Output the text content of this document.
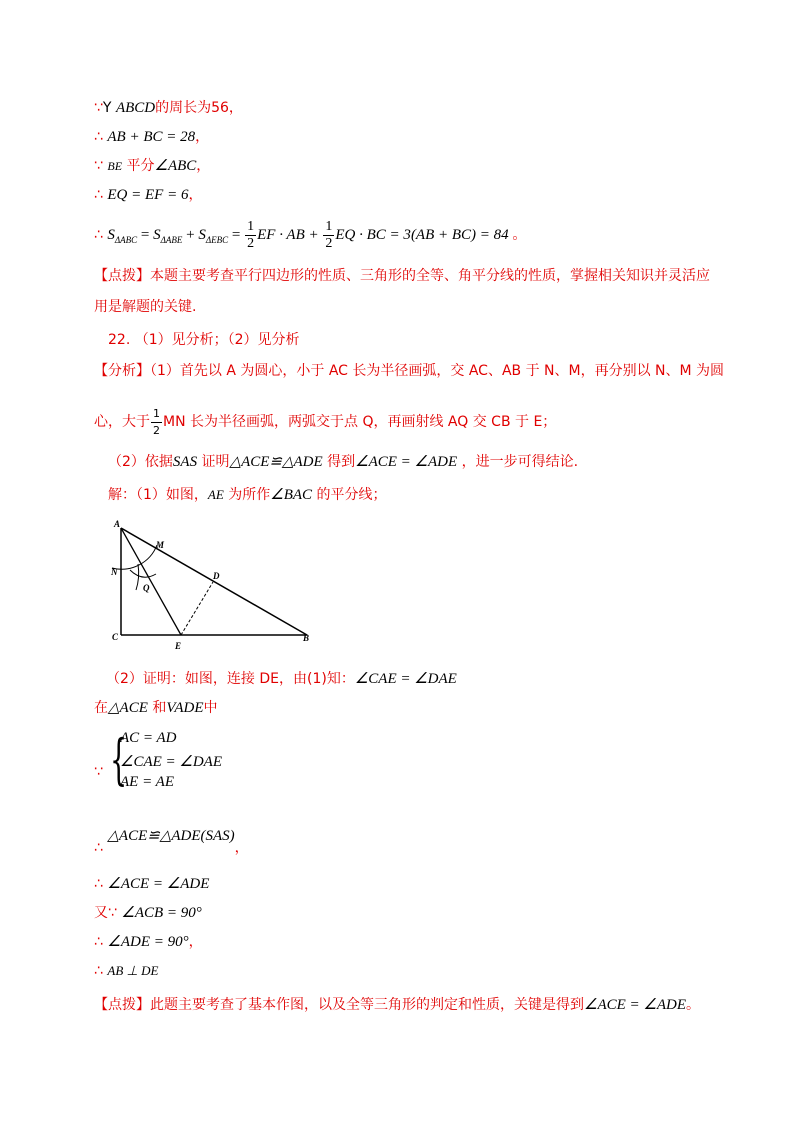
∵Y ABCD的周长为56，
∴ AB + BC = 28，
∵ BE 平分∠ABC，
∴ EQ = EF = 6，
∴ $S_{\Delta ABC} = S_{\Delta ABE} + S_{\Delta EBC} = \frac{1}{2}$ EF · AB + $\frac{1}{2}$ EQ · BC = 3(AB + BC) = 84 。
【点拨】本题主要考查平行四边形的性质、三角形的全等、角平分线的性质，掌握相关知识并灵活应
用是解题的关键.
22. （1）见分析；（2）见分析
【分析】（1）首先以 A 为圆心，小于 AC 长为半径画弧，交 AC、AB 于 N、M，再分别以 N、M 为圆
心，大于 $\frac{1}{2}$ MN 长为半径画弧，两弧交于点 Q，再画射线 AQ 交 CB 于 E；
（2）依据SAS 证明△ACE≌△ADE 得到∠ACE = ∠ADE ，进一步可得结论.
解：（1）如图，AE 为所作∠BAC 的平分线；
A
M
N
Q
D
C
E
B
（2）证明：如图，连接 DE，由(1)知：∠CAE = ∠DAE
在△ACE 和VADE中
∵ {
AC = AD
∠CAE = ∠DAE
AE = AE
∴ △ACE≌△ADE(SAS)，
∴ ∠ACE = ∠ADE
又∵ ∠ACB = 90°
∴ ∠ADE = 90°，
∴ AB ⊥ DE
【点拨】此题主要考查了基本作图，以及全等三角形的判定和性质，关键是得到∠ACE = ∠ADE。
